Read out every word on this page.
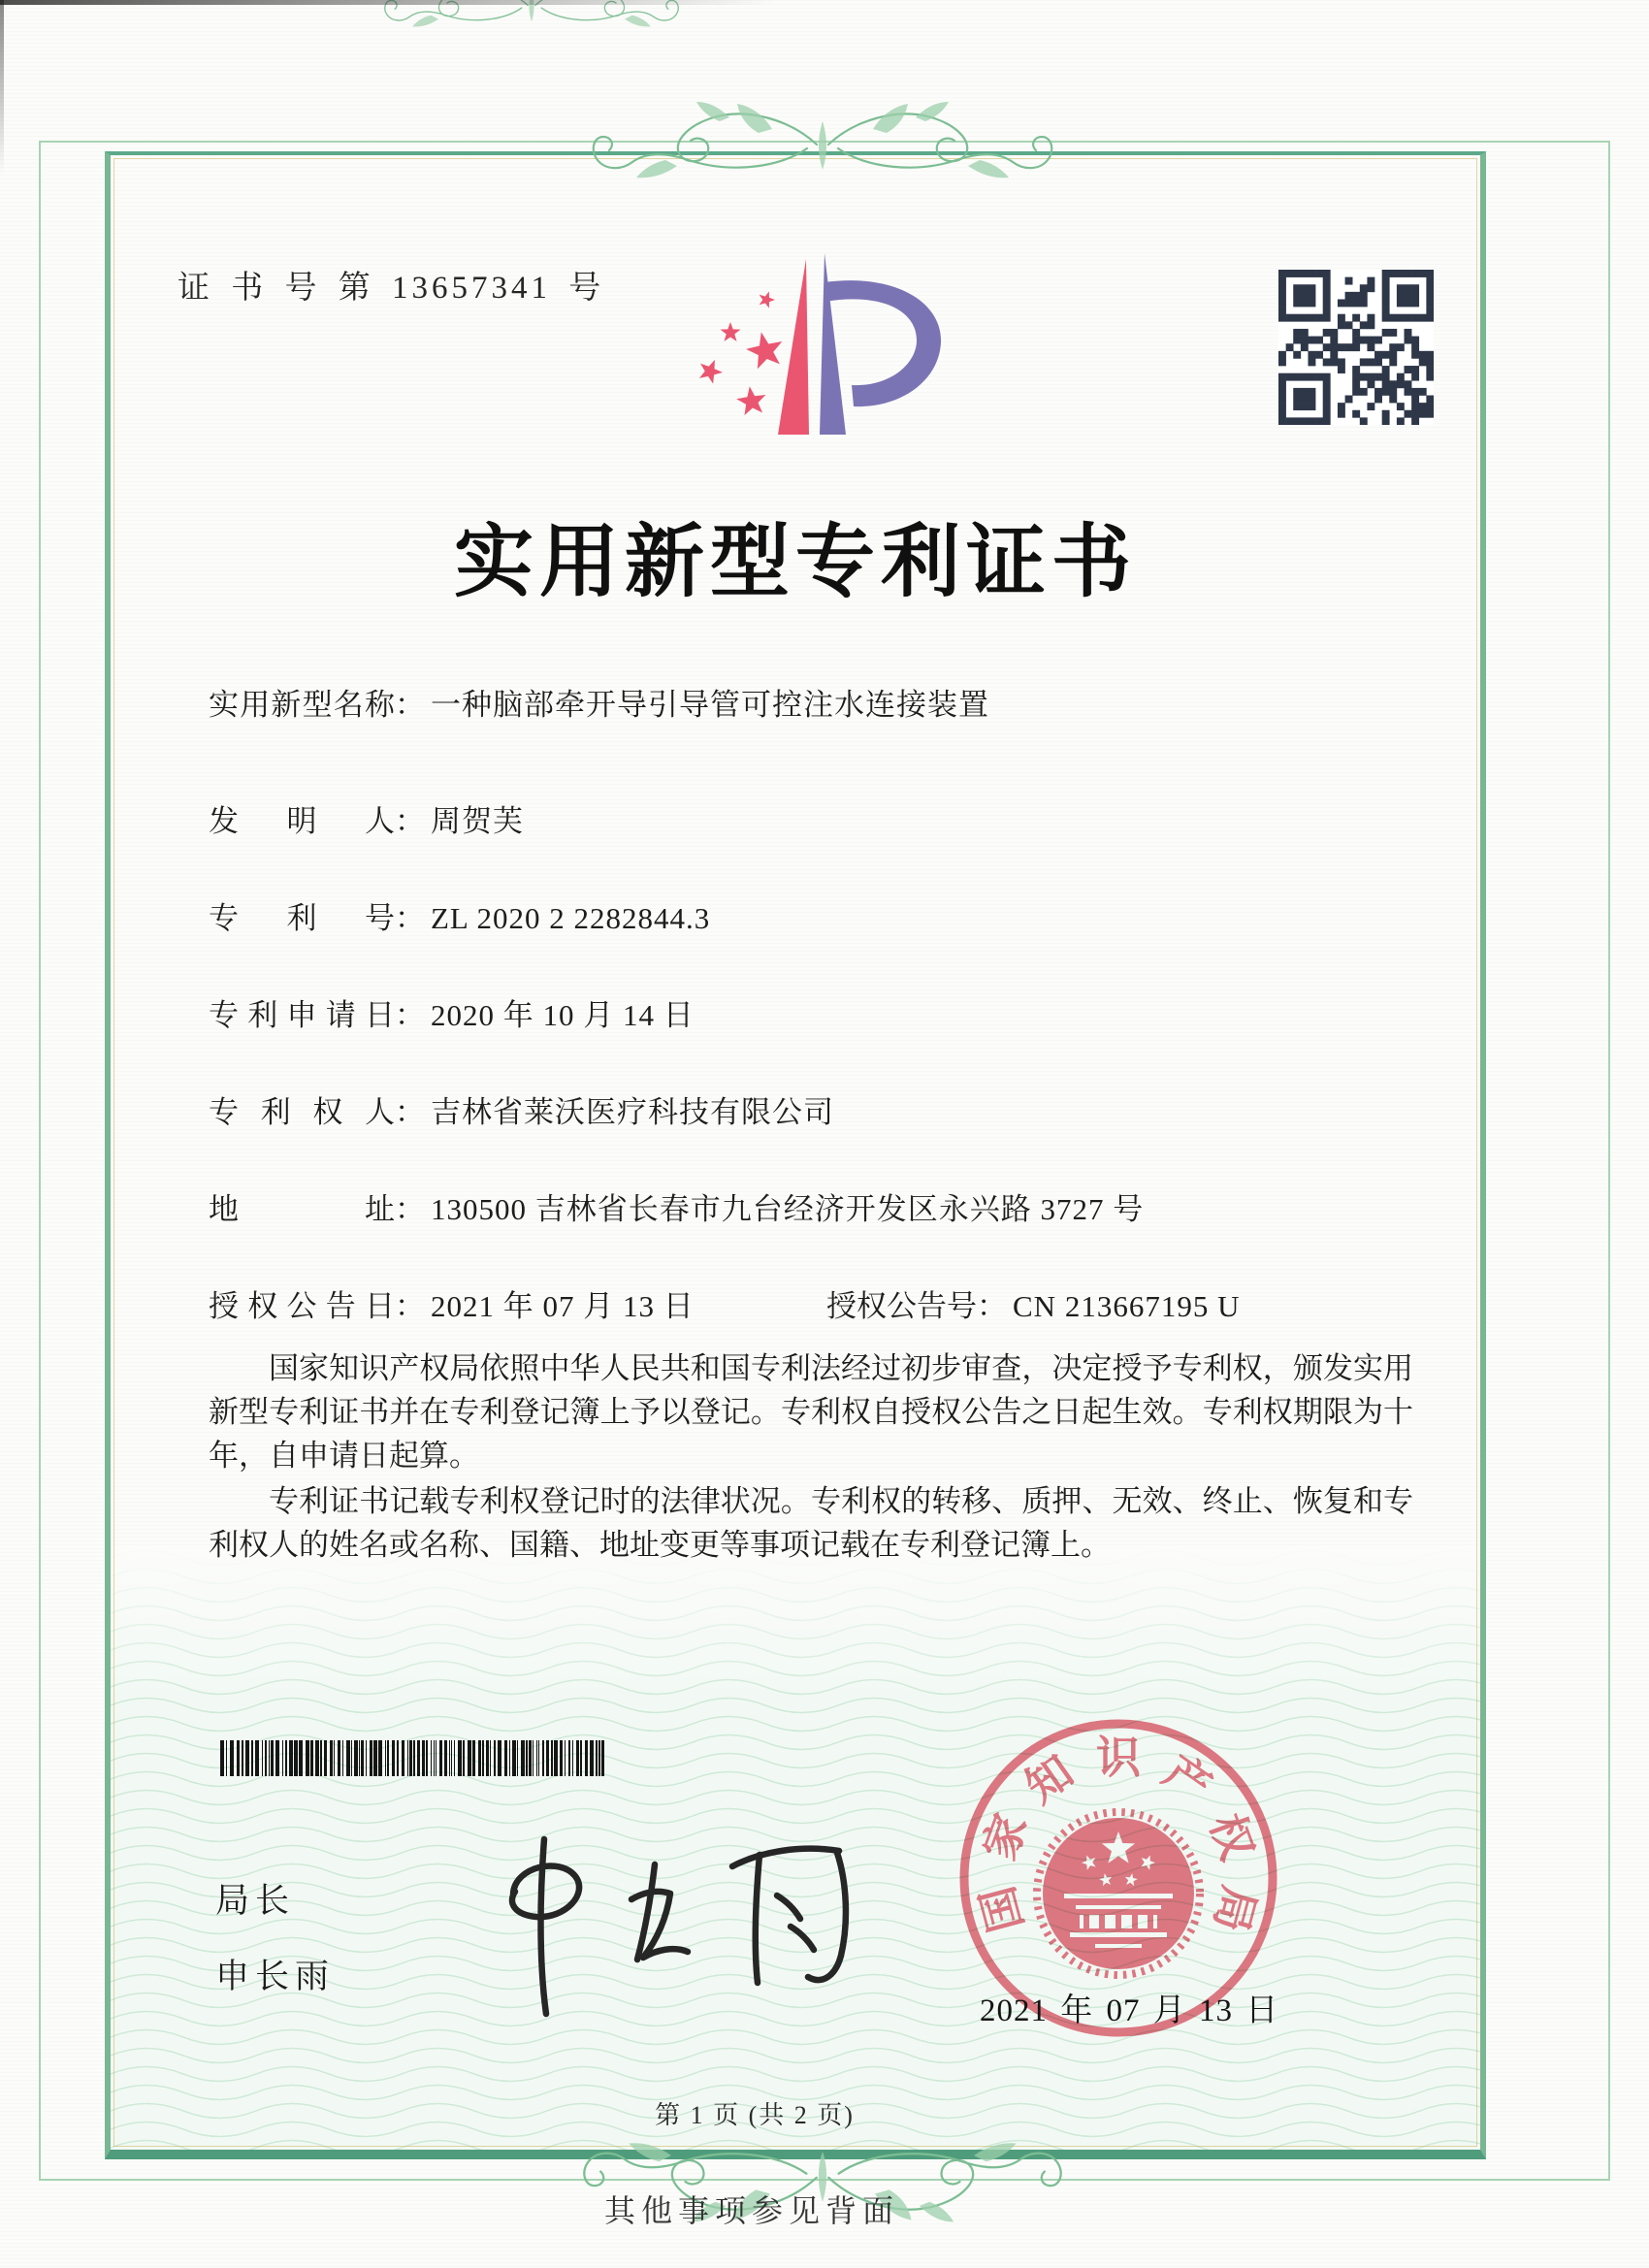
证 书 号 第 13657341 号
实用新型专利证书
实用新型名称： 一种脑部牵开导引导管可控注水连接装置
发 明 人： 周贺芙
专 利 号： ZL 2020 2 2282844.3
专利申请日： 2020 年 10 月 14 日
专 利 权 人： 吉林省莱沃医疗科技有限公司
地 址： 130500 吉林省长春市九台经济开发区永兴路 3727 号
授权公告日： 2021 年 07 月 13 日	授权公告号： CN 213667195 U

国家知识产权局依照中华人民共和国专利法经过初步审查，决定授予专利权，颁发实用新型专利证书并在专利登记簿上予以登记。专利权自授权公告之日起生效。专利权期限为十年，自申请日起算。

专利证书记载专利权登记时的法律状况。专利权的转移、质押、无效、终止、恢复和专利权人的姓名或名称、国籍、地址变更等事项记载在专利登记簿上。

局长
申长雨
国
家
知 识 产
权
局
2021 年 07 月 13 日
第 1 页 (共 2 页)
其他事项参见背面
